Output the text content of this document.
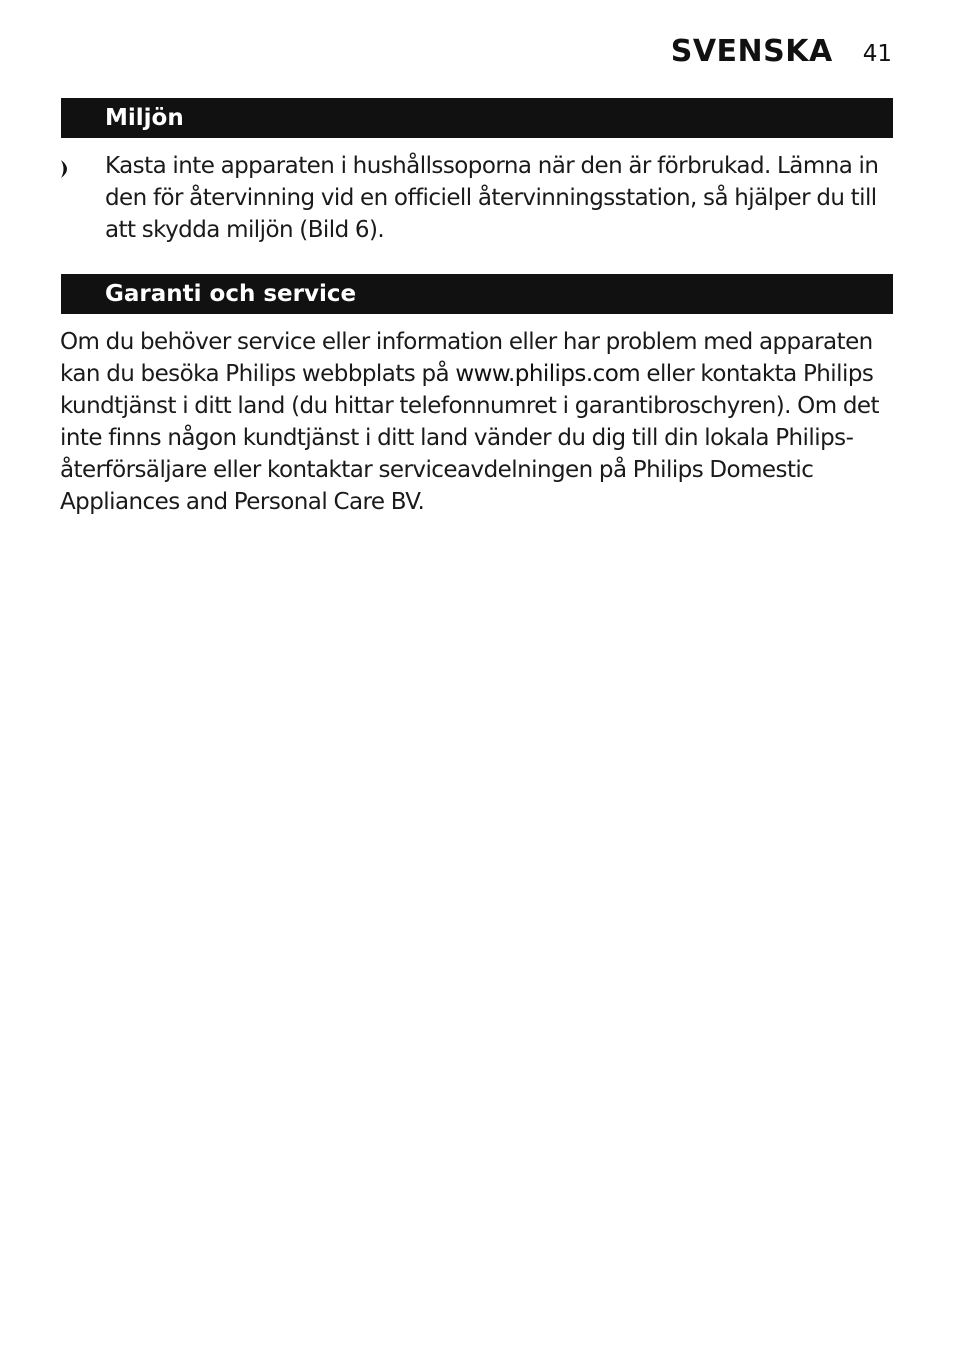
SVENSKA 41
Miljön
Kasta inte apparaten i hushållssoporna när den är förbrukad. Lämna in den för återvinning vid en officiell återvinningsstation, så hjälper du till att skydda miljön (Bild 6).
Garanti och service
Om du behöver service eller information eller har problem med apparaten kan du besöka Philips webbplats på www.philips.com eller kontakta Philips kundtjänst i ditt land (du hittar telefonnumret i garantibroschyren). Om det inte finns någon kundtjänst i ditt land vänder du dig till din lokala Philips-återförsäljare eller kontaktar serviceavdelningen på Philips Domestic Appliances and Personal Care BV.
